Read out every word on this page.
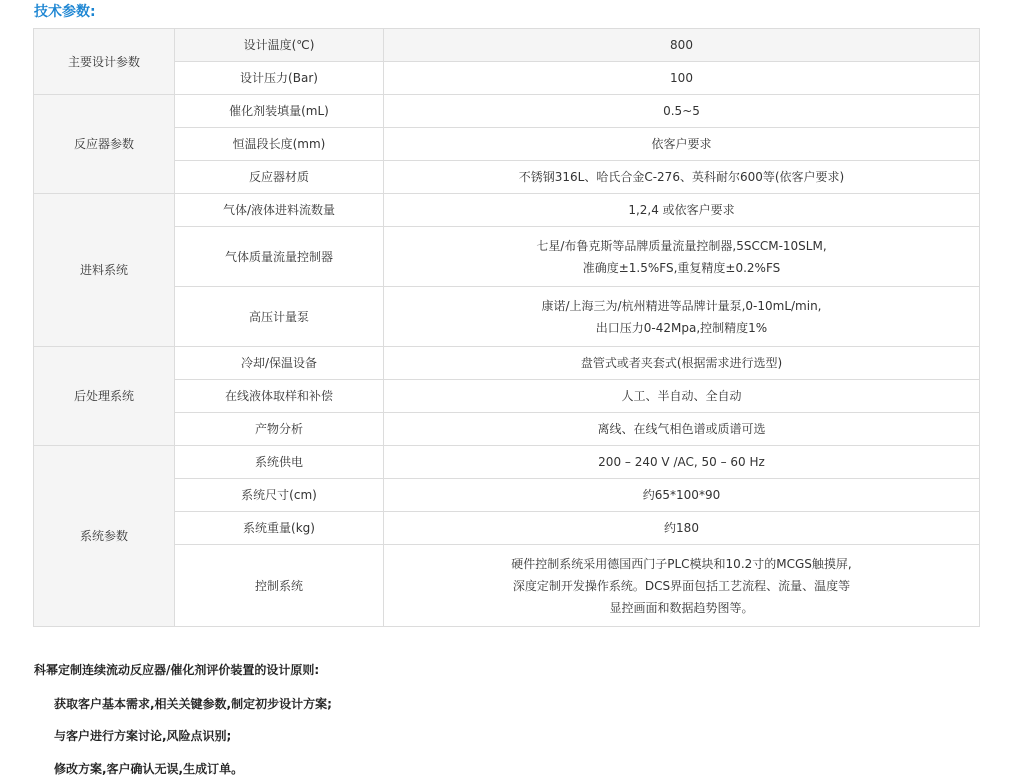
技术参数:
主要设计参数	设计温度(℃)	800

	设计压力(Bar)	100

反应器参数	催化剂装填量(mL)	0.5~5

	恒温段长度(mm)	依客户要求

	反应器材质	不锈钢316L、哈氏合金C-276、英科耐尔600等(依客户要求)

进料系统	气体/液体进料流数量	1,2,4 或依客户要求

	气体质量流量控制器	七星/布鲁克斯等品牌质量流量控制器,5SCCM-10SLM,
准确度±1.5%FS,重复精度±0.2%FS

	高压计量泵	康诺/上海三为/杭州精进等品牌计量泵,0-10mL/min,
出口压力0-42Mpa,控制精度1%

后处理系统	冷却/保温设备	盘管式或者夹套式(根据需求进行选型)

	在线液体取样和补偿	人工、半自动、全自动

	产物分析	离线、在线气相色谱或质谱可选

系统参数	系统供电	200 – 240 V /AC, 50 – 60 Hz

	系统尺寸(cm)	约65*100*90

	系统重量(kg)	约180

	控制系统	硬件控制系统采用德国西门子PLC模块和10.2寸的MCGS触摸屏,
深度定制开发操作系统。DCS界面包括工艺流程、流量、温度等
显控画面和数据趋势图等。
科幂定制连续流动反应器/催化剂评价装置的设计原则:

获取客户基本需求,相关关键参数,制定初步设计方案;

与客户进行方案讨论,风险点识别;

修改方案,客户确认无误,生成订单。
